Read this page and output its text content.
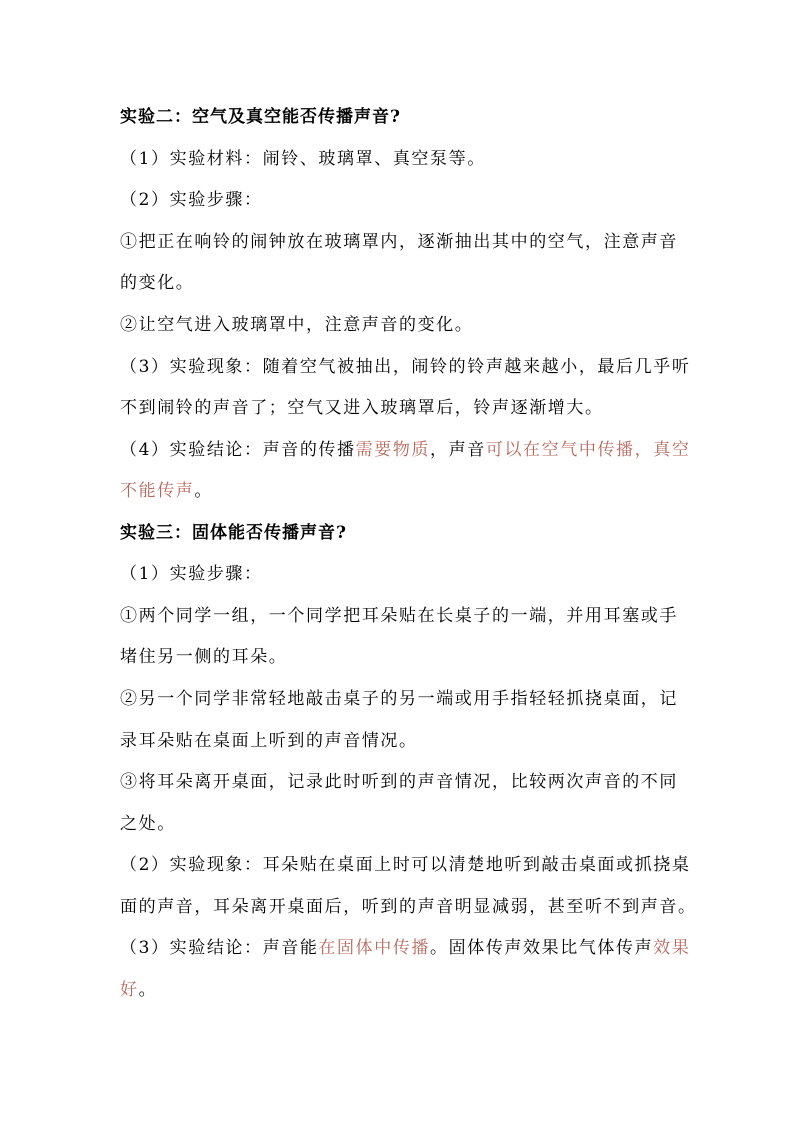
实验二：空气及真空能否传播声音?
（1）实验材料：闹铃、玻璃罩、真空泵等。
（2）实验步骤：
①把正在响铃的闹钟放在玻璃罩内，逐渐抽出其中的空气，注意声音
的变化。
②让空气进入玻璃罩中，注意声音的变化。
（3）实验现象：随着空气被抽出，闹铃的铃声越来越小，最后几乎听
不到闹铃的声音了；空气又进入玻璃罩后，铃声逐渐增大。
（4）实验结论：声音的传播需要物质，声音可以在空气中传播，真空
不能传声。
实验三：固体能否传播声音?
（1）实验步骤：
①两个同学一组，一个同学把耳朵贴在长桌子的一端，并用耳塞或手
堵住另一侧的耳朵。
②另一个同学非常轻地敲击桌子的另一端或用手指轻轻抓挠桌面，记
录耳朵贴在桌面上听到的声音情况。
③将耳朵离开桌面，记录此时听到的声音情况，比较两次声音的不同
之处。
（2）实验现象：耳朵贴在桌面上时可以清楚地听到敲击桌面或抓挠桌
面的声音，耳朵离开桌面后，听到的声音明显减弱，甚至听不到声音。
（3）实验结论：声音能在固体中传播。固体传声效果比气体传声效果
好。
